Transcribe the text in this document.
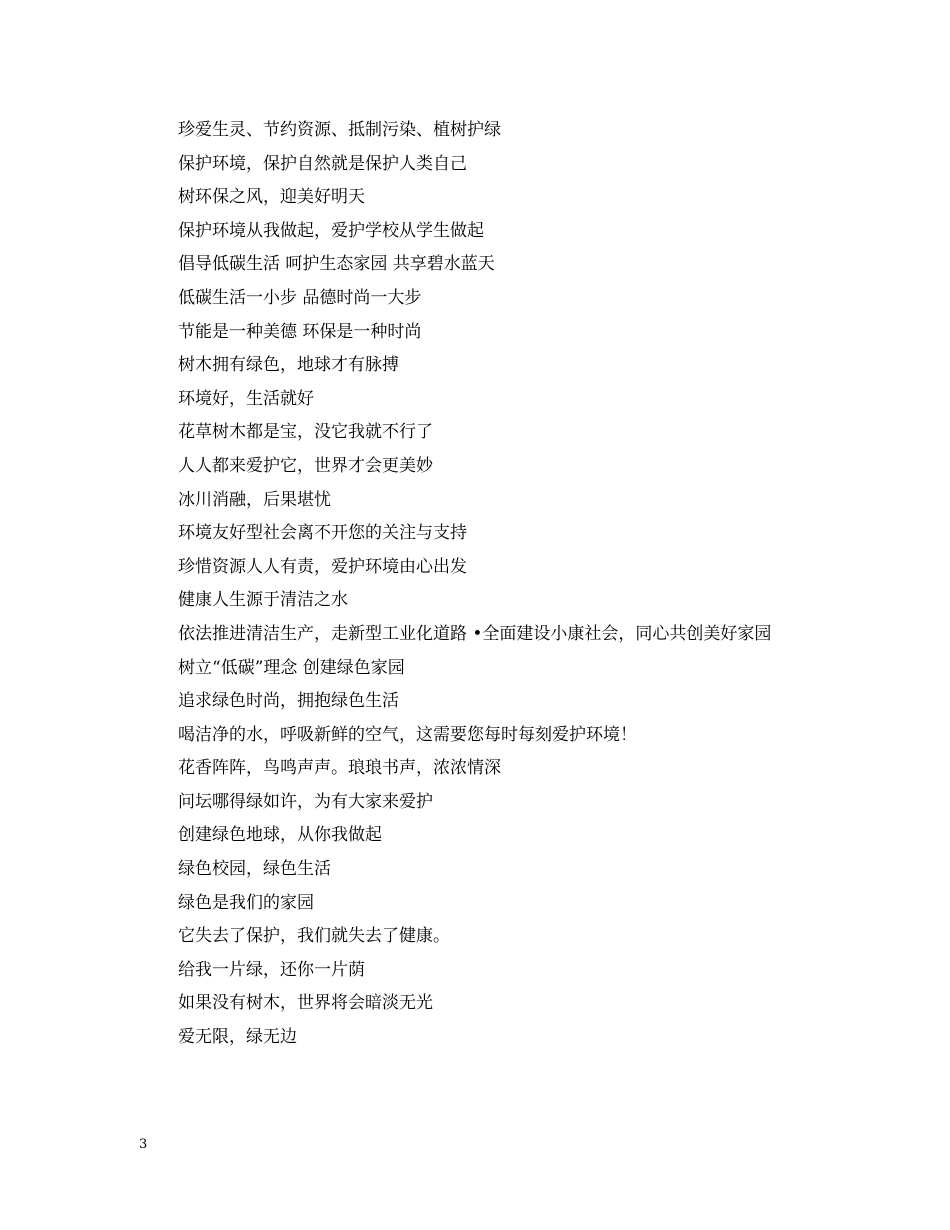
珍爱生灵、节约资源、抵制污染、植树护绿

保护环境，保护自然就是保护人类自己

树环保之风，迎美好明天

保护环境从我做起，爱护学校从学生做起

倡导低碳生活 呵护生态家园 共享碧水蓝天

低碳生活一小步 品德时尚一大步

节能是一种美德 环保是一种时尚

树木拥有绿色，地球才有脉搏

环境好，生活就好

花草树木都是宝，没它我就不行了

人人都来爱护它，世界才会更美妙

冰川消融，后果堪忧

环境友好型社会离不开您的关注与支持

珍惜资源人人有责，爱护环境由心出发

健康人生源于清洁之水

依法推进清洁生产，走新型工业化道路 •全面建设小康社会，同心共创美好家园

树立“低碳”理念 创建绿色家园

追求绿色时尚，拥抱绿色生活

喝洁净的水，呼吸新鲜的空气，这需要您每时每刻爱护环境！

花香阵阵，鸟鸣声声。琅琅书声，浓浓情深

问坛哪得绿如许，为有大家来爱护

创建绿色地球，从你我做起

绿色校园，绿色生活

绿色是我们的家园

它失去了保护，我们就失去了健康。

给我一片绿，还你一片荫

如果没有树木，世界将会暗淡无光

爱无限，绿无边

3
